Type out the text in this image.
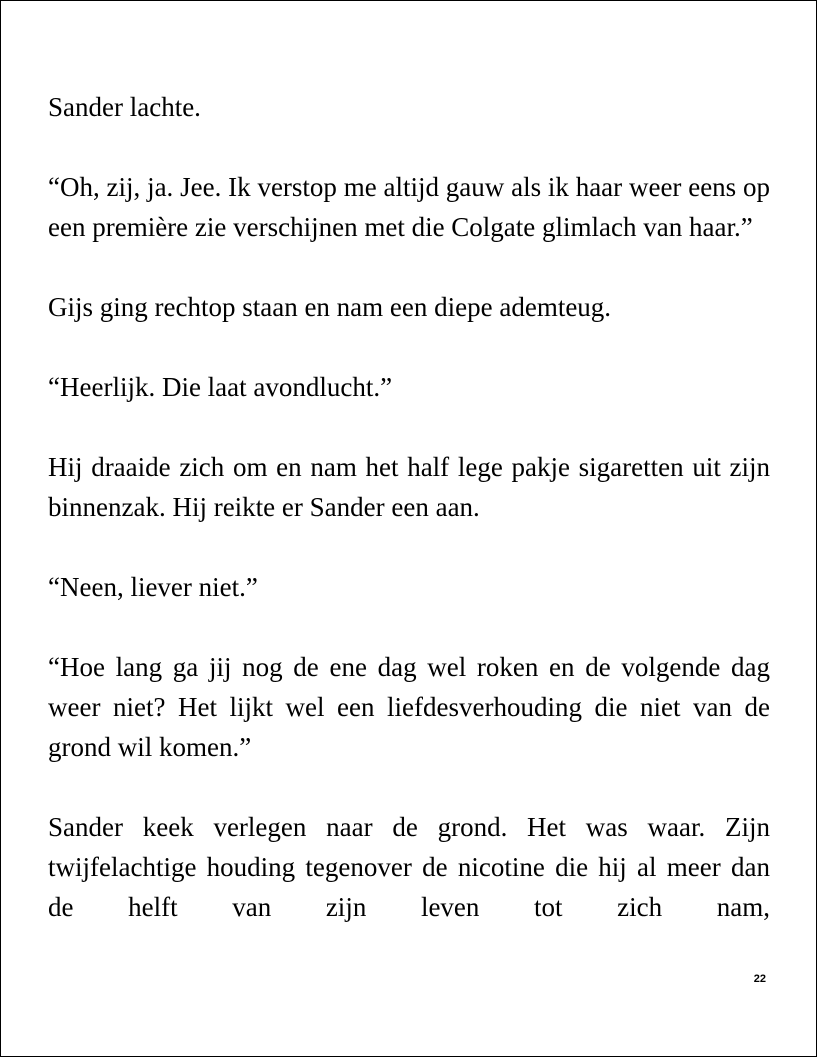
Sander lachte.

“Oh, zij, ja. Jee. Ik verstop me altijd gauw als ik haar weer eens op een première zie verschijnen met die Colgate glimlach van haar.”

Gijs ging rechtop staan en nam een diepe ademteug.

“Heerlijk. Die laat avondlucht.”

Hij draaide zich om en nam het half lege pakje sigaretten uit zijn binnenzak. Hij reikte er Sander een aan.

“Neen, liever niet.”

“Hoe lang ga jij nog de ene dag wel roken en de volgende dag weer niet? Het lijkt wel een liefdesverhouding die niet van de grond wil komen.”

Sander keek verlegen naar de grond. Het was waar. Zijn twijfelachtige houding tegenover de nicotine die hij al meer dan de helft van zijn leven tot zich nam,

22
